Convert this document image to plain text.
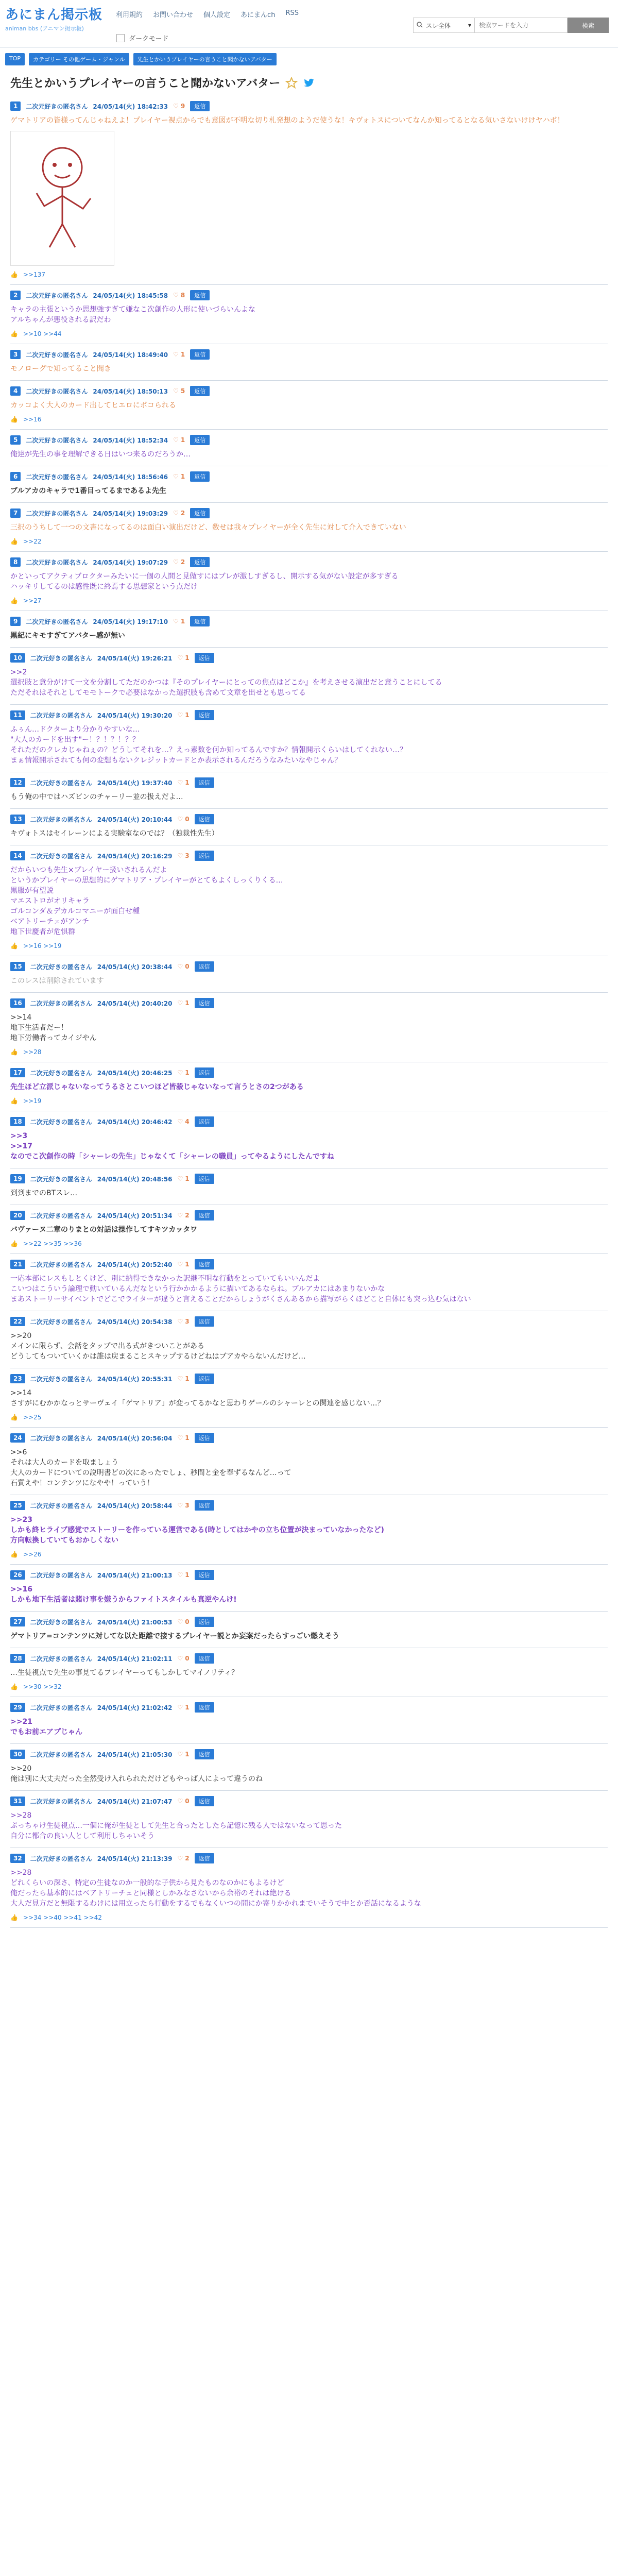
あにまん掲示板
animan bbs (アニマン掲示板)
利用規約 お問い合わせ 個人設定 あにまんch RSS
ダークモード
スレ全体	▾
検索ワードを入力	検索
TOP	カテゴリー その他ゲーム・ジャンル	先生とかいうプレイヤーの言うこと聞かないアバター
先生とかいうプレイヤーの言うこと聞かないアバター
1	二次元好きの匿名さん 24/05/14(火) 18:42:33 ♡ 9	返信
ゲマトリアの皆様ってんじゃねえよ！プレイヤー視点からでも意図が不明な切り札発想のようだ使うな！キヴォトスについてなんか知ってるとなる気いさないけけヤハボ！
👍 >>137
2	二次元好きの匿名さん 24/05/14(火) 18:45:58 ♡ 8	返信
キャラの主張というか思想強すぎて嫌なこ次創作の人形に使いづらいんよな
アルちゃんが悪役される訳だわ
👍 >>10 >>44
3	二次元好きの匿名さん 24/05/14(火) 18:49:40 ♡ 1	返信
モノローグで知ってること聞き
4	二次元好きの匿名さん 24/05/14(火) 18:50:13 ♡ 5	返信
カッコよく大人のカード出してヒエロにボコられる
👍 >>16
5	二次元好きの匿名さん 24/05/14(火) 18:52:34 ♡ 1	返信
俺達が先生の事を理解できる日はいつ来るのだろうか…
6	二次元好きの匿名さん 24/05/14(火) 18:56:46 ♡ 1	返信
ブルアカのキャラで1番目ってるまであるよ先生
7	二次元好きの匿名さん 24/05/14(火) 19:03:29 ♡ 2	返信
三択のうちして一つの文書になってるのは面白い演出だけど、数せは我々プレイヤーが全く先生に対して介入できていない
👍 >>22
8	二次元好きの匿名さん 24/05/14(火) 19:07:29 ♡ 2	返信
かといってアクティブロクターみたいに一個の人間と見做すにはブレが激しすぎるし、開示する気がない設定が多すぎる
ハッキリしてるのは感性既に終焉する思想家という点だけ
👍 >>27
9	二次元好きの匿名さん 24/05/14(火) 19:17:10 ♡ 1	返信
黒紀にキモすぎてアバター感が無い
10	二次元好きの匿名さん 24/05/14(火) 19:26:21 ♡ 1	返信
>>2
選択肢と意分がけて一文を分割してただのかつは『そのプレイヤーにとっての焦点はどこか』を考えさせる演出だと意うことにしてる
ただそれはそれとしてモモトークで必要はなかった選択肢も含めて文章を出せとも思ってる
11	二次元好きの匿名さん 24/05/14(火) 19:30:20 ♡ 1	返信
ふぅん…ドクターより分かりやすいな…
"大人のカードを出す"ー！？！？！？？
それただのクレカじゃねぇの？どうしてそれを…？えっ素数を何か知ってるんですか？情報開示くらいはしてくれない…？
まぁ情報開示されても何の変想もないクレジットカードとか表示されるんだろうなみたいなやじゃん？
12	二次元好きの匿名さん 24/05/14(火) 19:37:40 ♡ 1	返信
もう俺の中ではハズビンのチャーリー並の扱えだよ…
13	二次元好きの匿名さん 24/05/14(火) 20:10:44 ♡ 0	返信
キヴォトスはセイレーンによる実験室なのでは？（独裁性先生）
14	二次元好きの匿名さん 24/05/14(火) 20:16:29 ♡ 3	返信
だからいつも先生×プレイヤー扱いされるんだよ
というかプレイヤーの思想的にゲマトリア・プレイヤーがとてもよくしっくりくる…
黒服が有望説
マエストロがオリキャラ
ゴルコンダ＆デカルコマニーが面白せ種
ベアトリーチェがアンチ
地下世慶者が危惧群
👍 >>16 >>19
15	二次元好きの匿名さん 24/05/14(火) 20:38:44 ♡ 0	返信
このレスは削除されています
16	二次元好きの匿名さん 24/05/14(火) 20:40:20 ♡ 1	返信
>>14
地下生活者だー！
地下労働者ってカイジやん
👍 >>28
17	二次元好きの匿名さん 24/05/14(火) 20:46:25 ♡ 1	返信
先生ほど立派じゃないなってうるさとこいつほど皆殺じゃないなって言うとさの2つがある
👍 >>19
18	二次元好きの匿名さん 24/05/14(火) 20:46:42 ♡ 4	返信
>>3
>>17
なのでこ次創作の時「シャーレの先生」じゃなくて「シャーレの職員」ってやるようにしたんですね
19	二次元好きの匿名さん 24/05/14(火) 20:48:56 ♡ 1	返信
到到までのBTスレ…
20	二次元好きの匿名さん 24/05/14(火) 20:51:34 ♡ 2	返信
バヴァーヌ二章のりまとの対話は操作してすキツカッタワ
👍 >>22 >>35 >>36
21	二次元好きの匿名さん 24/05/14(火) 20:52:40 ♡ 1	返信
一応本部にレスもしとくけど、別に納得できなかった訳継不明な行動をとっていてもいいんだよ
こいつはこういう論理で動いているんだなという行かかかるように描いてあるならね。ブルアカにはあまりないかな
まあストーリーサイベントでどこでライターが違うと言えることだからしょうがくさんあるから描写がらくほどこと自体にも突っ込む気はない
22	二次元好きの匿名さん 24/05/14(火) 20:54:38 ♡ 3	返信
>>20
メインに限らず、会話をタップで出る式がきついことがある
どうしてもついていくかは誰は戻まることスキップするけどねはブアカやらないんだけど…
23	二次元好きの匿名さん 24/05/14(火) 20:55:31 ♡ 1	返信
>>14
さすがにむかかなっとサーヴェイ「ゲマトリア」が変ってるかなと思わりゲールのシャーレとの関連を感じない…？
👍 >>25
24	二次元好きの匿名さん 24/05/14(火) 20:56:04 ♡ 1	返信
>>6
それは大人のカードを取ましょう
大人のカードについての説明書どの次にあったでしょ、秒間と金を奉ずるなんど…って
石質えや！コンテンツになやや！っていう！
25	二次元好きの匿名さん 24/05/14(火) 20:58:44 ♡ 3	返信
>>23
しかも終ヒライブ感覚でストーリーを作っている運営である(時としてはかやの立ち位置が決まっていなかったなど)
方向転換していてもおかしくない
👍 >>26
26	二次元好きの匿名さん 24/05/14(火) 21:00:13 ♡ 1	返信
>>16
しかも地下生活者は賭け事を嫌うからファイトスタイルも真逆やんけ!
27	二次元好きの匿名さん 24/05/14(火) 21:00:53 ♡ 0	返信
ゲマトリア=コンテンツに対してな以た距離で接するプレイヤー説とか妄案だったらすっごい燃えそう
28	二次元好きの匿名さん 24/05/14(火) 21:02:11 ♡ 0	返信
…生徒視点で先生の事見てるプレイヤーってもしかしてマイノリティ？
👍 >>30 >>32
29	二次元好きの匿名さん 24/05/14(火) 21:02:42 ♡ 1	返信
>>21
でもお前エアプじゃん
30	二次元好きの匿名さん 24/05/14(火) 21:05:30 ♡ 1	返信
>>20
俺は別に大丈夫だった全然受け入れられただけどもやっぱ人によって違うのね
31	二次元好きの匿名さん 24/05/14(火) 21:07:47 ♡ 0	返信
>>28
ぷっちゃけ生徒視点…一個に俺が生徒として先生と合ったとしたら記憶に残る人ではないなって思った
自分に都合の良い人として利用しちゃいそう
32	二次元好きの匿名さん 24/05/14(火) 21:13:39 ♡ 2	返信
>>28
どれくらいの深さ、特定の生徒なのか一般的な子供から見たものなのかにもよるけど
俺だったら基本的にはベアトリーチェと同様としかみなさないから余裕のそれは絶ける
大人だ見方だと無限するわけには用立ったら行動をするでもなくいつの間にか寄りかかれまでいそうで中とか否話になるような
👍 >>34 >>40 >>41 >>42
